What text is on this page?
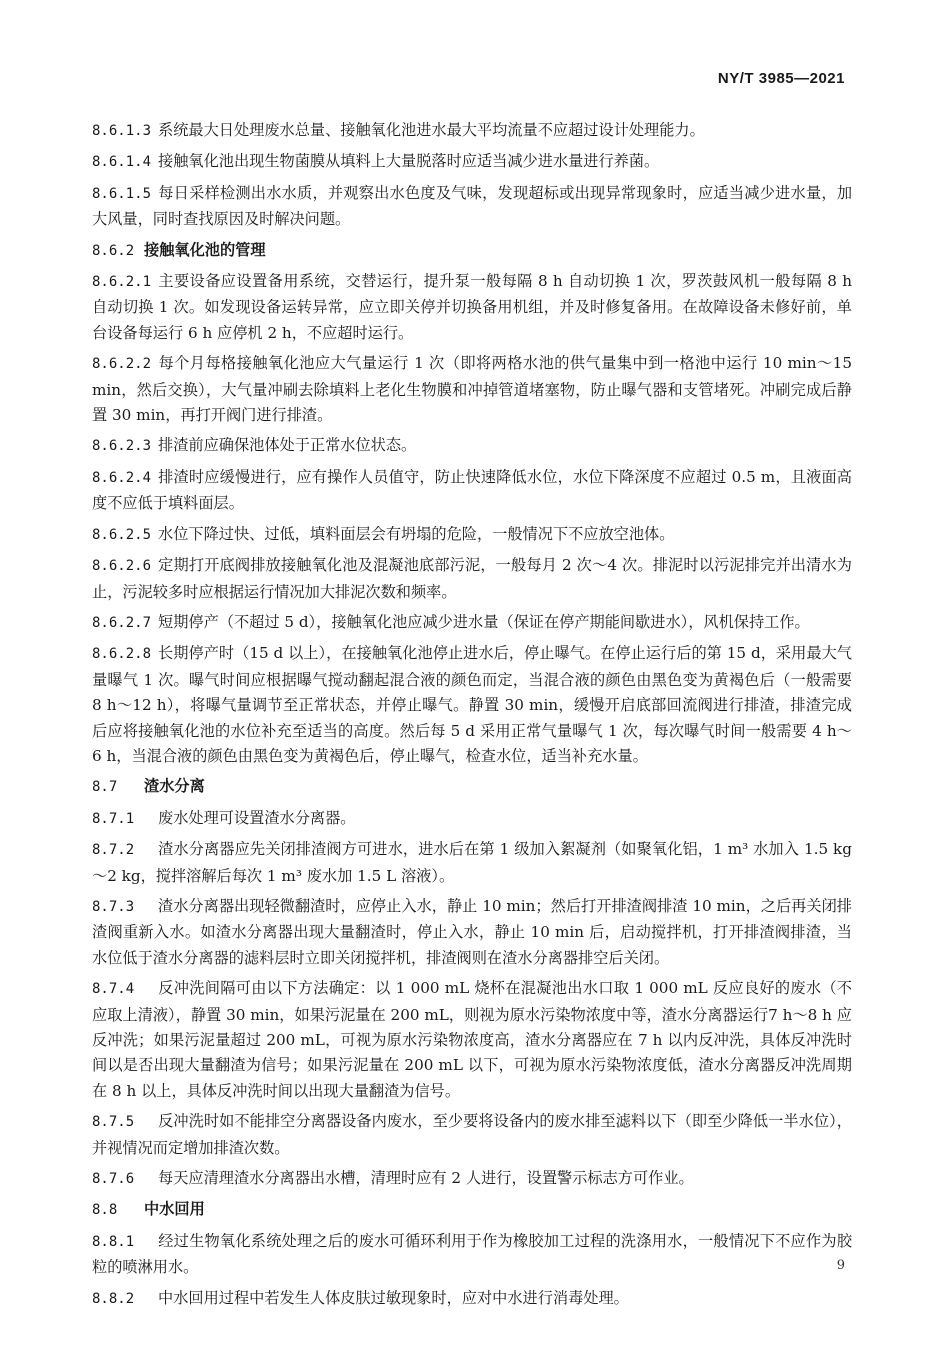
NY/T 3985—2021

8.6.1.3 系统最大日处理废水总量、接触氧化池进水最大平均流量不应超过设计处理能力。

8.6.1.4 接触氧化池出现生物菌膜从填料上大量脱落时应适当减少进水量进行养菌。

8.6.1.5 每日采样检测出水水质，并观察出水色度及气味，发现超标或出现异常现象时，应适当减少进水量，加大风量，同时查找原因及时解决问题。

8.6.2 接触氧化池的管理

8.6.2.1 主要设备应设置备用系统，交替运行，提升泵一般每隔 8 h 自动切换 1 次，罗茨鼓风机一般每隔 8 h 自动切换 1 次。如发现设备运转异常，应立即关停并切换备用机组，并及时修复备用。在故障设备未修好前，单台设备每运行 6 h 应停机 2 h，不应超时运行。

8.6.2.2 每个月每格接触氧化池应大气量运行 1 次（即将两格水池的供气量集中到一格池中运行 10 min～15 min，然后交换），大气量冲刷去除填料上老化生物膜和冲掉管道堵塞物，防止曝气器和支管堵死。冲刷完成后静置 30 min，再打开阀门进行排渣。

8.6.2.3 排渣前应确保池体处于正常水位状态。

8.6.2.4 排渣时应缓慢进行，应有操作人员值守，防止快速降低水位，水位下降深度不应超过 0.5 m，且液面高度不应低于填料面层。

8.6.2.5 水位下降过快、过低，填料面层会有坍塌的危险，一般情况下不应放空池体。

8.6.2.6 定期打开底阀排放接触氧化池及混凝池底部污泥，一般每月 2 次～4 次。排泥时以污泥排完并出清水为止，污泥较多时应根据运行情况加大排泥次数和频率。

8.6.2.7 短期停产（不超过 5 d），接触氧化池应减少进水量（保证在停产期能间歇进水），风机保持工作。

8.6.2.8 长期停产时（15 d 以上），在接触氧化池停止进水后，停止曝气。在停止运行后的第 15 d，采用最大气量曝气 1 次。曝气时间应根据曝气搅动翻起混合液的颜色而定，当混合液的颜色由黑色变为黄褐色后（一般需要 8 h～12 h），将曝气量调节至正常状态，并停止曝气。静置 30 min，缓慢开启底部回流阀进行排渣，排渣完成后应将接触氧化池的水位补充至适当的高度。然后每 5 d 采用正常气量曝气 1 次，每次曝气时间一般需要 4 h～6 h，当混合液的颜色由黑色变为黄褐色后，停止曝气，检查水位，适当补充水量。

8.7 渣水分离

8.7.1 废水处理可设置渣水分离器。

8.7.2 渣水分离器应先关闭排渣阀方可进水，进水后在第 1 级加入絮凝剂（如聚氧化铝，1 m³ 水加入 1.5 kg～2 kg，搅拌溶解后每次 1 m³ 废水加 1.5 L 溶液）。

8.7.3 渣水分离器出现轻微翻渣时，应停止入水，静止 10 min；然后打开排渣阀排渣 10 min，之后再关闭排渣阀重新入水。如渣水分离器出现大量翻渣时，停止入水，静止 10 min 后，启动搅拌机，打开排渣阀排渣，当水位低于渣水分离器的滤料层时立即关闭搅拌机，排渣阀则在渣水分离器排空后关闭。

8.7.4 反冲洗间隔可由以下方法确定：以 1 000 mL 烧杯在混凝池出水口取 1 000 mL 反应良好的废水（不应取上清液），静置 30 min，如果污泥量在 200 mL，则视为原水污染物浓度中等，渣水分离器运行7 h～8 h 应反冲洗；如果污泥量超过 200 mL，可视为原水污染物浓度高，渣水分离器应在 7 h 以内反冲洗，具体反冲洗时间以是否出现大量翻渣为信号；如果污泥量在 200 mL 以下，可视为原水污染物浓度低，渣水分离器反冲洗周期在 8 h 以上，具体反冲洗时间以出现大量翻渣为信号。

8.7.5 反冲洗时如不能排空分离器设备内废水，至少要将设备内的废水排至滤料以下（即至少降低一半水位），并视情况而定增加排渣次数。

8.7.6 每天应清理渣水分离器出水槽，清理时应有 2 人进行，设置警示标志方可作业。

8.8 中水回用

8.8.1 经过生物氧化系统处理之后的废水可循环利用于作为橡胶加工过程的洗涤用水，一般情况下不应作为胶粒的喷淋用水。

8.8.2 中水回用过程中若发生人体皮肤过敏现象时，应对中水进行消毒处理。

9
